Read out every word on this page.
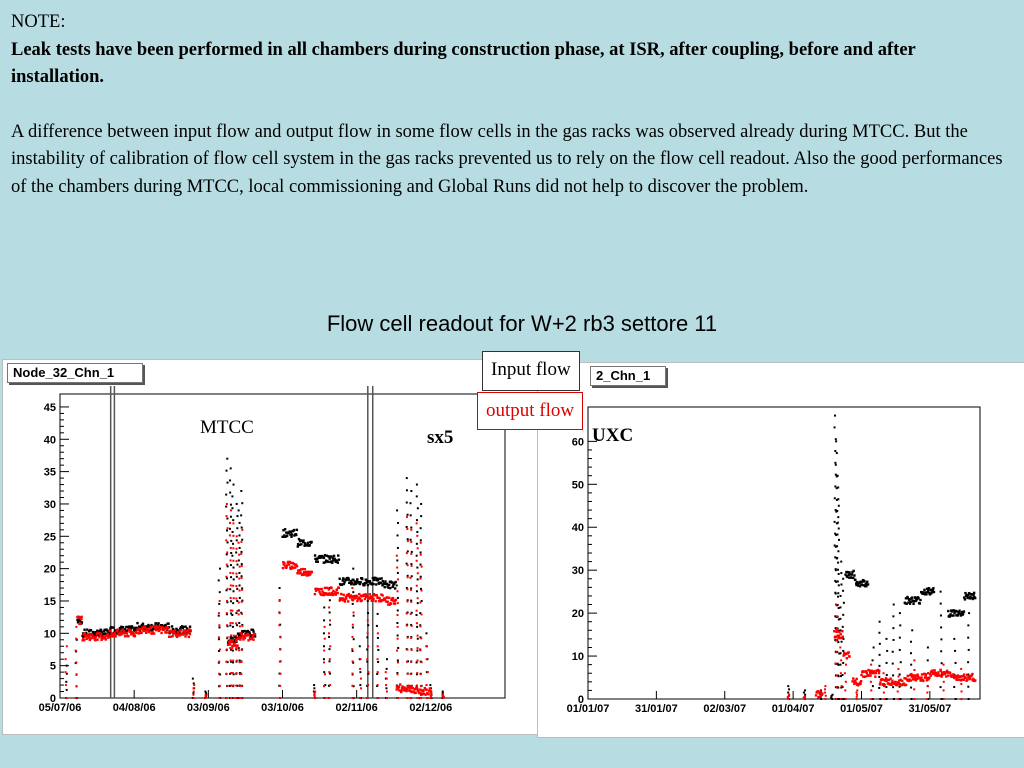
NOTE:

Leak tests have been performed in all chambers during construction phase, at ISR, after coupling, before and after installation.

A difference between input flow and output flow in some flow cells in the gas racks was observed already during MTCC. But the instability of calibration of flow cell system in the gas racks prevented us to rely on the flow cell readout. Also the good performances of the chambers during MTCC, local commissioning and Global Runs did not help to discover the problem.

Flow cell readout for W+2 rb3 settore 11
0
5
10
15
20
25
30
35
40
45
05/07/06	04/08/06	03/09/06	03/10/06	02/11/06	02/12/06
Node_32_Chn_1
MTCC	sx5
0
10
20
30
40
50
60
01/01/07 31/01/07 02/03/07 01/04/07 01/05/07 31/05/07
2_Chn_1
UXC
Input flow
output flow
